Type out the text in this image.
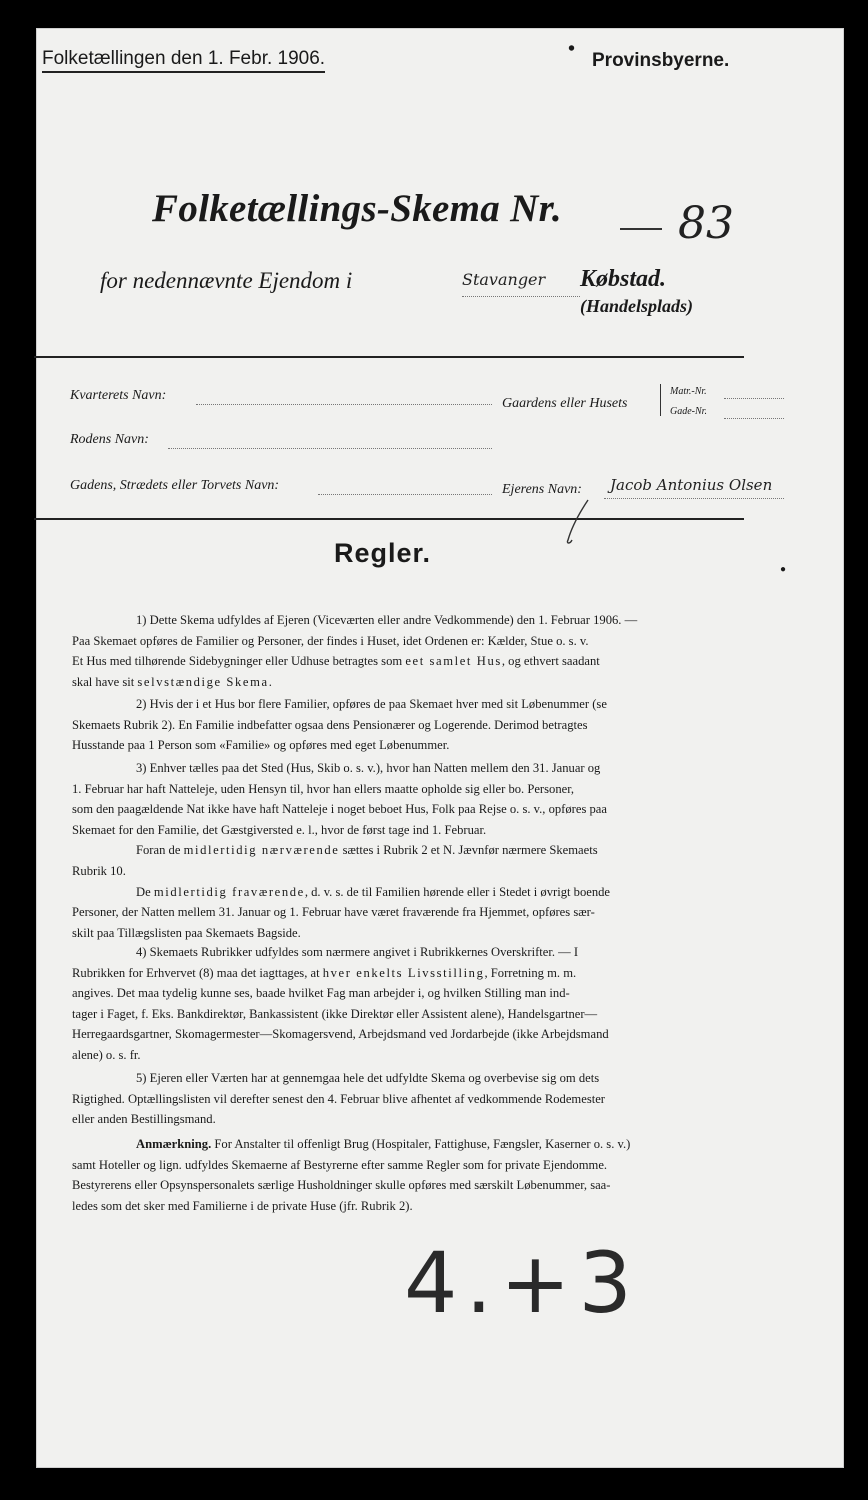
Folketællingen den 1. Febr. 1906.	•
Provinsbyerne.
Folketællings-Skema Nr.	83
for nedennævnte Ejendom i	Stavanger Købstad.
(Handelsplads)
Kvarterets Navn:
Gaardens eller Husets
Matr.-Nr.
Gade-Nr.
Rodens Navn:
Gadens, Strædets eller Torvets Navn:	Ejerens Navn: Jacob Antonius Olsen
●
Regler.
1) Dette Skema udfyldes af Ejeren (Viceværten eller andre Vedkommende) den 1. Februar 1906. —
Paa Skemaet opføres de Familier og Personer, der findes i Huset, idet Ordenen er: Kælder, Stue o. s. v.
Et Hus med tilhørende Sidebygninger eller Udhuse betragtes som eet samlet Hus, og ethvert saadant
skal have sit selvstændige Skema.
2) Hvis der i et Hus bor flere Familier, opføres de paa Skemaet hver med sit Løbenummer (se
Skemaets Rubrik 2). En Familie indbefatter ogsaa dens Pensionærer og Logerende. Derimod betragtes
Husstande paa 1 Person som «Familie» og opføres med eget Løbenummer.
3) Enhver tælles paa det Sted (Hus, Skib o. s. v.), hvor han Natten mellem den 31. Januar og
1. Februar har haft Natteleje, uden Hensyn til, hvor han ellers maatte opholde sig eller bo. Personer,
som den paagældende Nat ikke have haft Natteleje i noget beboet Hus, Folk paa Rejse o. s. v., opføres paa
Skemaet for den Familie, det Gæstgiversted e. l., hvor de først tage ind 1. Februar.
Foran de midlertidig nærværende sættes i Rubrik 2 et N. Jævnfør nærmere Skemaets
Rubrik 10.
De midlertidig fraværende, d. v. s. de til Familien hørende eller i Stedet i øvrigt boende
Personer, der Natten mellem 31. Januar og 1. Februar have været fraværende fra Hjemmet, opføres sær-
skilt paa Tillægslisten paa Skemaets Bagside.
4) Skemaets Rubrikker udfyldes som nærmere angivet i Rubrikkernes Overskrifter. — I
Rubrikken for Erhvervet (8) maa det iagttages, at hver enkelts Livsstilling, Forretning m. m.
angives. Det maa tydelig kunne ses, baade hvilket Fag man arbejder i, og hvilken Stilling man ind-
tager i Faget, f. Eks. Bankdirektør, Bankassistent (ikke Direktør eller Assistent alene), Handelsgartner—
Herregaardsgartner, Skomagermester—Skomagersvend, Arbejdsmand ved Jordarbejde (ikke Arbejdsmand
alene) o. s. fr.
5) Ejeren eller Værten har at gennemgaa hele det udfyldte Skema og overbevise sig om dets
Rigtighed. Optællingslisten vil derefter senest den 4. Februar blive afhentet af vedkommende Rodemester
eller anden Bestillingsmand.
Anmærkning. For Anstalter til offenligt Brug (Hospitaler, Fattighuse, Fængsler, Kaserner o. s. v.)
samt Hoteller og lign. udfyldes Skemaerne af Bestyrerne efter samme Regler som for private Ejendomme.
Bestyrerens eller Opsynspersonalets særlige Husholdninger skulle opføres med særskilt Løbenummer, saa-
ledes som det sker med Familierne i de private Huse (jfr. Rubrik 2).
4.+3
